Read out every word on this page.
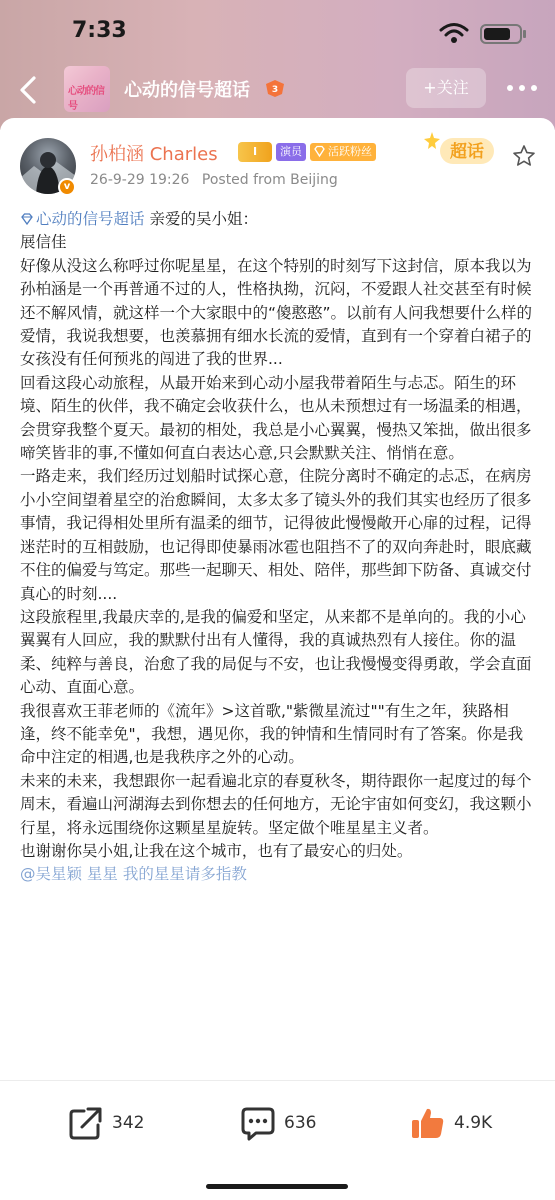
7:33
心动的信号
心动的信号超话 3	+关注
v
孙柏涵 Charles	I	演员	活跃粉丝
26-9-29 19:26 Posted from Beijing
超话

心动的信号超话 亲爱的吴小姐：

展信佳

好像从没这么称呼过你呢星星，在这个特别的时刻写下这封信，原本我以为孙柏涵是一个再普通不过的人，性格执拗，沉闷，不爱跟人社交甚至有时候还不解风情，就这样一个大家眼中的“傻憨憨”。以前有人问我想要什么样的爱情，我说我想要，也羡慕拥有细水长流的爱情，直到有一个穿着白裙子的女孩没有任何预兆的闯进了我的世界...

回看这段心动旅程，从最开始来到心动小屋我带着陌生与忐忑。陌生的环境、陌生的伙伴，我不确定会收获什么，也从未预想过有一场温柔的相遇，会贯穿我整个夏天。最初的相处，我总是小心翼翼，慢热又笨拙，做出很多啼笑皆非的事,不懂如何直白表达心意,只会默默关注、悄悄在意。

一路走来，我们经历过划船时试探心意，住院分离时不确定的忐忑，在病房小小空间望着星空的治愈瞬间，太多太多了镜头外的我们其实也经历了很多事情，我记得相处里所有温柔的细节，记得彼此慢慢敞开心扉的过程，记得迷茫时的互相鼓励，也记得即使暴雨冰雹也阻挡不了的双向奔赴时，眼底藏不住的偏爱与笃定。那些一起聊天、相处、陪伴，那些卸下防备、真诚交付真心的时刻....

这段旅程里,我最庆幸的,是我的偏爱和坚定，从来都不是单向的。我的小心翼翼有人回应，我的默默付出有人懂得，我的真诚热烈有人接住。你的温柔、纯粹与善良，治愈了我的局促与不安，也让我慢慢变得勇敢，学会直面心动、直面心意。

我很喜欢王菲老师的《流年》>这首歌,"紫微星流过""有生之年，狭路相逢，终不能幸免"，我想，遇见你，我的钟情和生情同时有了答案。你是我命中注定的相遇,也是我秩序之外的心动。

未来的未来，我想跟你一起看遍北京的春夏秋冬，期待跟你一起度过的每个周末，看遍山河湖海去到你想去的任何地方，无论宇宙如何变幻，我这颗小行星，将永远围绕你这颗星星旋转。坚定做个唯星星主义者。

也谢谢你吴小姐,让我在这个城市，也有了最安心的归处。

@吴星颖 星星 我的星星请多指教

342	636	4.9K
